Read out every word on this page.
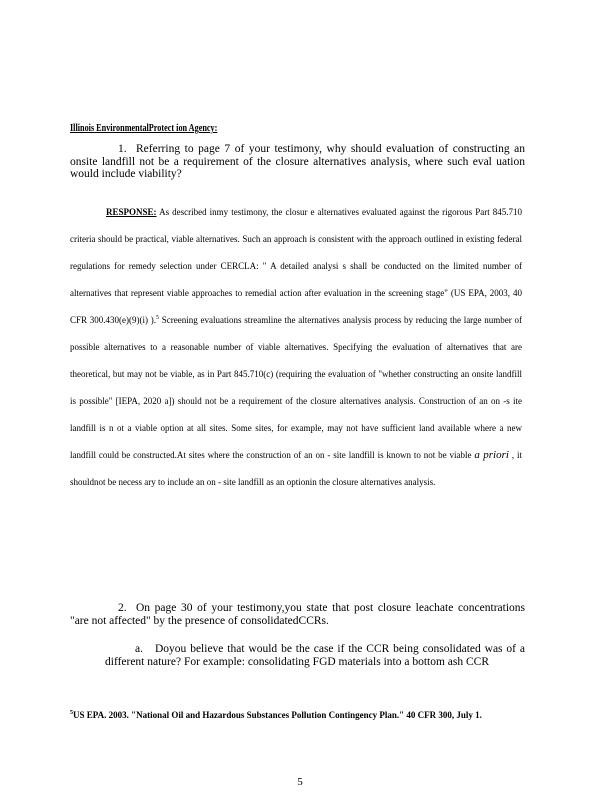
Illinois EnvironmentalProtect ion Agency:
1. Referring to page 7 of your testimony, why should evaluation of constructing an onsite landfill not be a requirement of the closure alternatives analysis, where such eval uation would include viability?
RESPONSE: As described inmy testimony, the closur e alternatives evaluated against the rigorous Part 845.710 criteria should be practical, viable alternatives. Such an approach is consistent with the approach outlined in existing federal regulations for remedy selection under CERCLA: " A detailed analysi s shall be conducted on the limited number of alternatives that represent viable approaches to remedial action after evaluation in the screening stage" (US EPA, 2003, 40 CFR 300.430(e)(9)(i) ).$^5$ Screening evaluations streamline the alternatives analysis process by reducing the large number of possible alternatives to a reasonable number of viable alternatives. Specifying the evaluation of alternatives that are theoretical, but may not be viable, as in Part 845.710(c) (requiring the evaluation of "whether constructing an onsite landfill is possible" [IEPA, 2020 a]) should not be a requirement of the closure alternatives analysis. Construction of an on -s ite landfill is n ot a viable option at all sites. Some sites, for example, may not have sufficient land available where a new landfill could be constructed.At sites where the construction of an on - site landfill is known to not be viable a priori , it shouldnot be necess ary to include an on - site landfill as an optionin the closure alternatives analysis.
2. On page 30 of your testimony,you state that post closure leachate concentrations "are not affected" by the presence of consolidatedCCRs.
a. Doyou believe that would be the case if the CCR being consolidated was of a different nature? For example: consolidating FGD materials into a bottom ash CCR
$^5$US EPA. 2003. "National Oil and Hazardous Substances Pollution Contingency Plan." 40 CFR 300, July 1.
5
